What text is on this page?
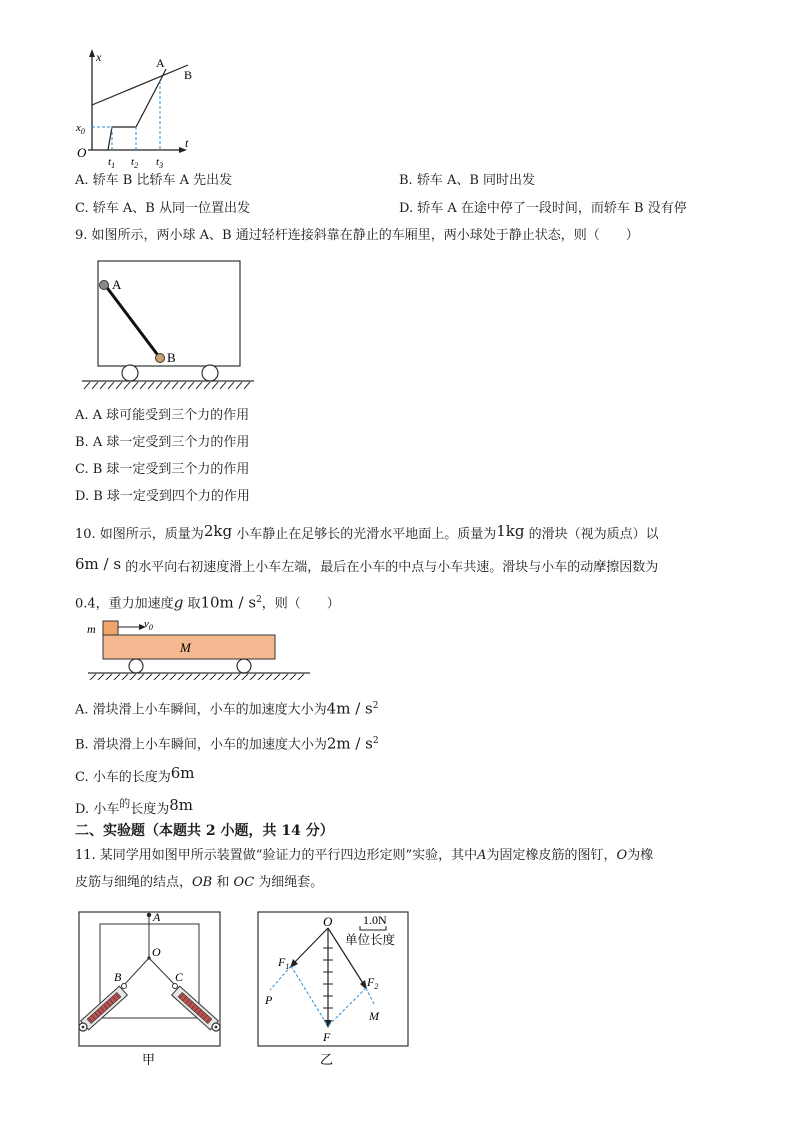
x
t
O
$x_0$
A
B
$t_1$ $t_2$ $t_3$
A. 轿车 B 比轿车 A 先出发	B. 轿车 A、B 同时出发
C. 轿车 A、B 从同一位置出发	D. 轿车 A 在途中停了一段时间，而轿车 B 没有停
9. 如图所示，两小球 A、B 通过轻杆连接斜靠在静止的车厢里，两小球处于静止状态，则（　　）
A
B
A. A 球可能受到三个力的作用
B. A 球一定受到三个力的作用
C. B 球一定受到三个力的作用
D. B 球一定受到四个力的作用
10. 如图所示，质量为2kg 小车静止在足够长的光滑水平地面上。质量为1kg 的滑块（视为质点）以
6m / s 的水平向右初速度滑上小车左端，最后在小车的中点与小车共速。滑块与小车的动摩擦因数为
0.4，重力加速度g 取$10m / s^2$，则（　　）
m	$v_0$
M
A. 滑块滑上小车瞬间，小车的加速度大小为$4m / s^2$
B. 滑块滑上小车瞬间，小车的加速度大小为$2m / s^2$
C. 小车的长度为6m
D. 小车$^的$长度为8m
二、实验题（本题共 2 小题，共 14 分）
11. 某同学用如图甲所示装置做“验证力的平行四边形定则”实验，其中A为固定橡皮筋的图钉，O为橡
皮筋与细绳的结点，OB 和 OC 为细绳套。
A
O
B	C
甲
O	1.0N
单位长度
$F_1$
$F_2$
F
P
M
乙
